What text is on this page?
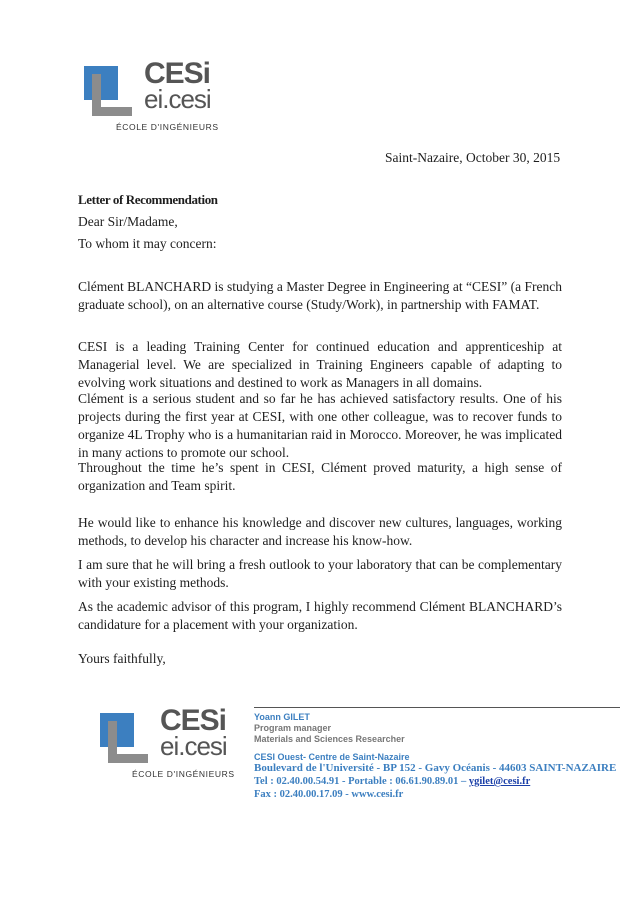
CESi
ei.cesi
ÉCOLE D'INGÉNIEURS
Saint-Nazaire, October 30, 2015
Letter of Recommendation
Dear Sir/Madame,
To whom it may concern:

Clément BLANCHARD is studying a Master Degree in Engineering at “CESI” (a French graduate school), on an alternative course (Study/Work), in partnership with FAMAT.

CESI is a leading Training Center for continued education and apprenticeship at Managerial level. We are specialized in Training Engineers capable of adapting to evolving work situations and destined to work as Managers in all domains.

Clément is a serious student and so far he has achieved satisfactory results. One of his projects during the first year at CESI, with one other colleague, was to recover funds to organize 4L Trophy who is a humanitarian raid in Morocco. Moreover, he was implicated in many actions to promote our school.

Throughout the time he’s spent in CESI, Clément proved maturity, a high sense of organization and Team spirit.

He would like to enhance his knowledge and discover new cultures, languages, working methods, to develop his character and increase his know-how.

I am sure that he will bring a fresh outlook to your laboratory that can be complementary with your existing methods.

As the academic advisor of this program, I highly recommend Clément BLANCHARD’s candidature for a placement with your organization.

Yours faithfully,
CESi
ei.cesi
ÉCOLE D'INGÉNIEURS
Yoann GILET
Program manager
Materials and Sciences Researcher
CESI Ouest- Centre de Saint-Nazaire
Boulevard de l'Université - BP 152 - Gavy Océanis - 44603 SAINT-NAZAIRE
Tel : 02.40.00.54.91 - Portable : 06.61.90.89.01 – ygilet@cesi.fr
Fax : 02.40.00.17.09 - www.cesi.fr
